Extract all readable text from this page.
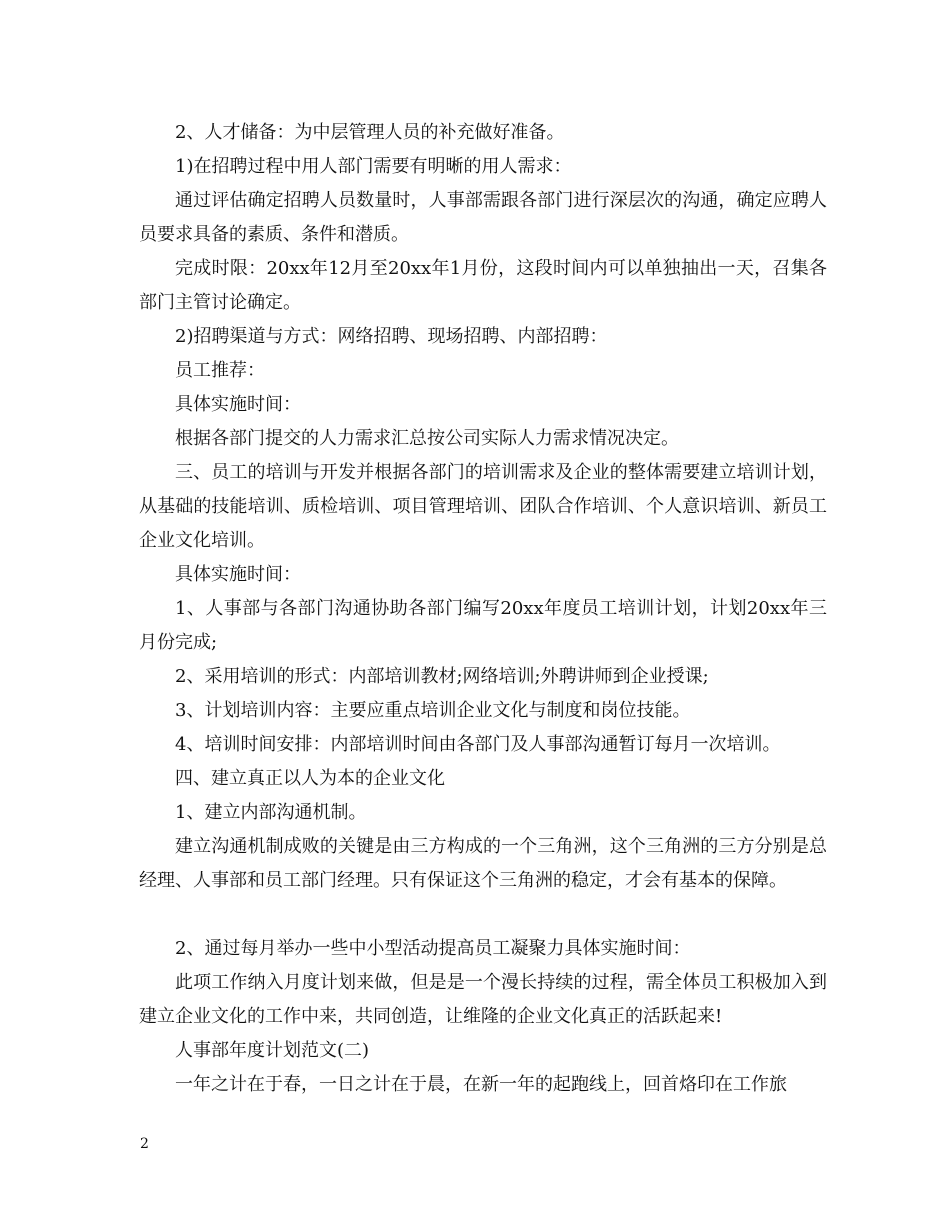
2、人才储备：为中层管理人员的补充做好准备。

1)在招聘过程中用人部门需要有明晰的用人需求：

通过评估确定招聘人员数量时，人事部需跟各部门进行深层次的沟通，确定应聘人员要求具备的素质、条件和潜质。

完成时限：20xx年12月至20xx年1月份，这段时间内可以单独抽出一天，召集各部门主管讨论确定。

2)招聘渠道与方式：网络招聘、现场招聘、内部招聘：

员工推荐：

具体实施时间：

根据各部门提交的人力需求汇总按公司实际人力需求情况决定。

三、员工的培训与开发并根据各部门的培训需求及企业的整体需要建立培训计划，从基础的技能培训、质检培训、项目管理培训、团队合作培训、个人意识培训、新员工企业文化培训。

具体实施时间：

1、人事部与各部门沟通协助各部门编写20xx年度员工培训计划，计划20xx年三月份完成;

2、采用培训的形式：内部培训教材;网络培训;外聘讲师到企业授课;

3、计划培训内容：主要应重点培训企业文化与制度和岗位技能。

4、培训时间安排：内部培训时间由各部门及人事部沟通暂订每月一次培训。

四、建立真正以人为本的企业文化

1、建立内部沟通机制。

建立沟通机制成败的关键是由三方构成的一个三角洲，这个三角洲的三方分别是总经理、人事部和员工部门经理。只有保证这个三角洲的稳定，才会有基本的保障。

2、通过每月举办一些中小型活动提高员工凝聚力具体实施时间：

此项工作纳入月度计划来做，但是是一个漫长持续的过程，需全体员工积极加入到建立企业文化的工作中来，共同创造，让维隆的企业文化真正的活跃起来!

人事部年度计划范文(二)

一年之计在于春，一日之计在于晨，在新一年的起跑线上，回首烙印在工作旅

2
